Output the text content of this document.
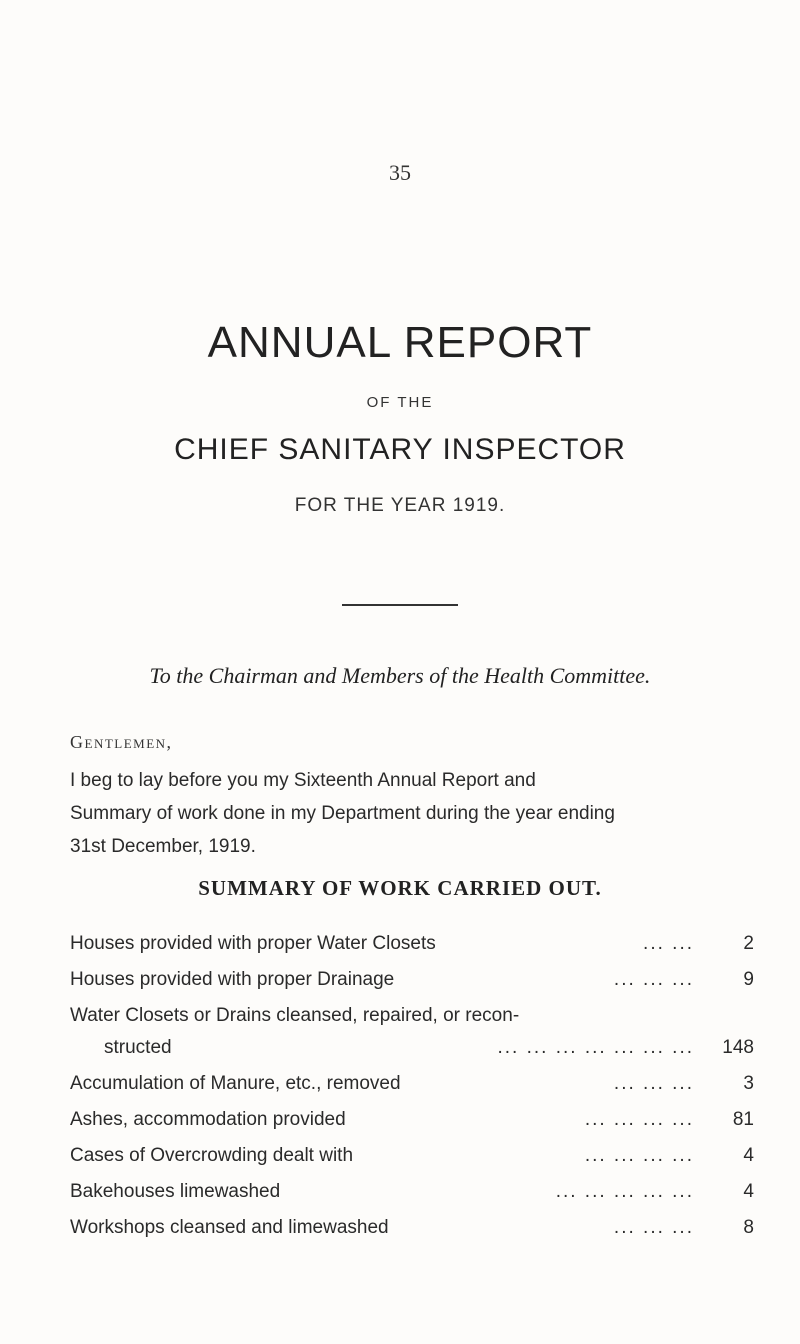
35
ANNUAL REPORT
OF THE
CHIEF SANITARY INSPECTOR
FOR THE YEAR 1919.
To the Chairman and Members of the Health Committee.
Gentlemen,
I beg to lay before you my Sixteenth Annual Report and
Summary of work done in my Department during the year ending
31st December, 1919.
SUMMARY OF WORK CARRIED OUT.
Houses provided with proper Water Closets	... ...	2
Houses provided with proper Drainage	... ... ...	9
Water Closets or Drains cleansed, repaired, or recon-
structed	... ... ... ... ... ... ...	148
Accumulation of Manure, etc., removed	... ... ...	3
Ashes, accommodation provided	... ... ... ...	81
Cases of Overcrowding dealt with	... ... ... ...	4
Bakehouses limewashed	... ... ... ... ...	4
Workshops cleansed and limewashed	... ... ...	8
